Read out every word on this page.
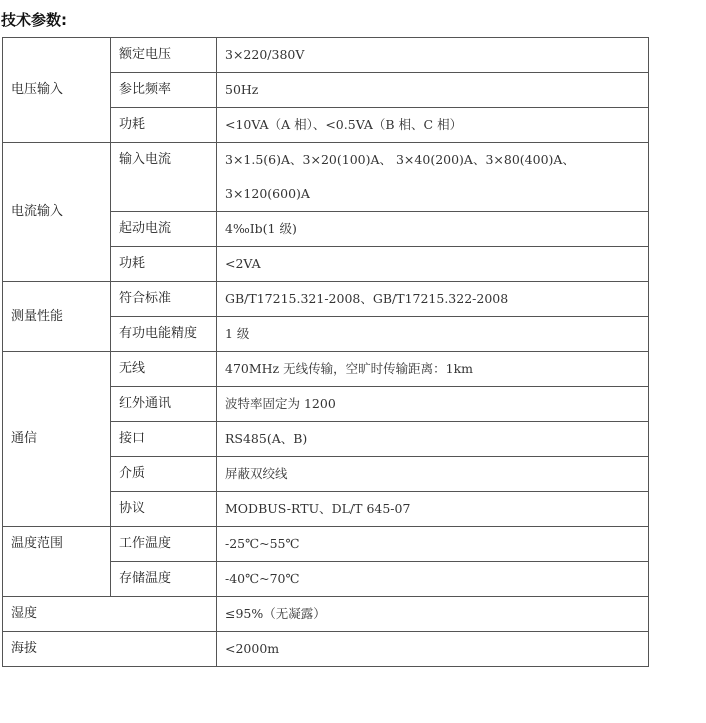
技术参数:
电压输入	额定电压	3×220/380V
	参比频率	50Hz
	功耗	<10VA（A 相）、<0.5VA（B 相、C 相）
电流输入	输入电流	3×1.5(6)A、3×20(100)A、 3×40(200)A、3×80(400)A、3×120(600)A
	起动电流	4‰Ib(1 级)
	功耗	<2VA
测量性能	符合标准	GB/T17215.321-2008、GB/T17215.322-2008
	有功电能精度	1 级
通信	无线	470MHz 无线传输，空旷时传输距离：1km
	红外通讯	波特率固定为 1200
	接口	RS485(A、B)
	介质	屏蔽双绞线
	协议	MODBUS-RTU、DL/T 645-07
温度范围	工作温度	-25℃~55℃
	存储温度	-40℃~70℃
湿度		≤95%（无凝露）
海拔		<2000m
